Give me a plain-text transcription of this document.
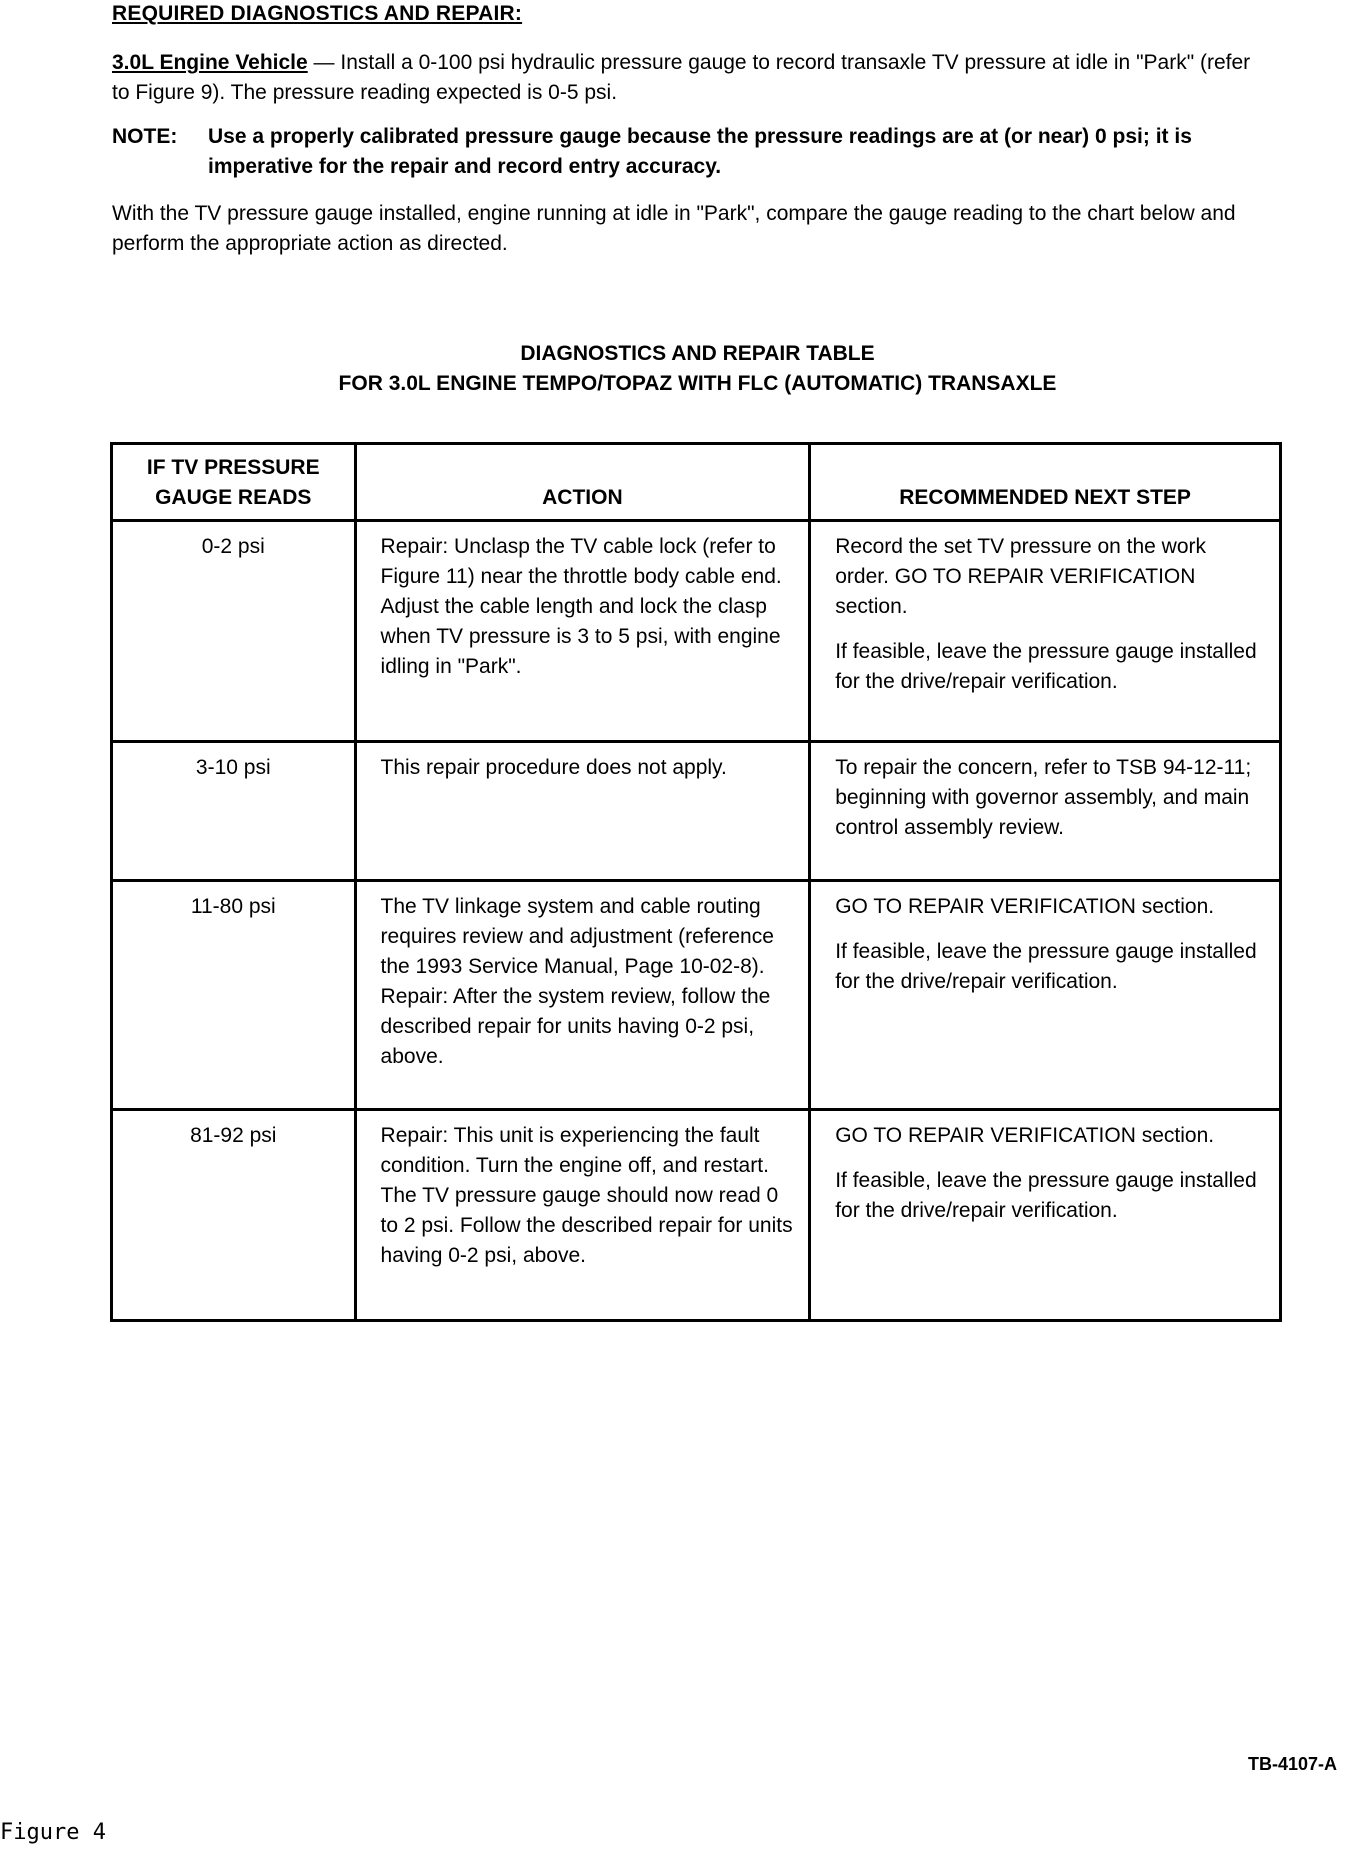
REQUIRED DIAGNOSTICS AND REPAIR:
3.0L Engine Vehicle — Install a 0-100 psi hydraulic pressure gauge to record transaxle TV pressure at idle in "Park" (refer to Figure 9). The pressure reading expected is 0-5 psi.
NOTE:	Use a properly calibrated pressure gauge because the pressure readings are at (or near) 0 psi; it is imperative for the repair and record entry accuracy.
With the TV pressure gauge installed, engine running at idle in "Park", compare the gauge reading to the chart below and perform the appropriate action as directed.
DIAGNOSTICS AND REPAIR TABLE
FOR 3.0L ENGINE TEMPO/TOPAZ WITH FLC (AUTOMATIC) TRANSAXLE
IF TV PRESSURE GAUGE READS	ACTION	RECOMMENDED NEXT STEP
0-2 psi	Repair: Unclasp the TV cable lock (refer to Figure 11) near the throttle body cable end. Adjust the cable length and lock the clasp when TV pressure is 3 to 5 psi, with engine idling in "Park".	Record the set TV pressure on the work order. GO TO REPAIR VERIFICATION section.

If feasible, leave the pressure gauge installed for the drive/repair verification.

3-10 psi	This repair procedure does not apply.	To repair the concern, refer to TSB 94-12-11; beginning with governor assembly, and main control assembly review.

11-80 psi	The TV linkage system and cable routing requires review and adjustment (reference the 1993 Service Manual, Page 10-02-8). Repair: After the system review, follow the described repair for units having 0-2 psi, above.	GO TO REPAIR VERIFICATION section.

If feasible, leave the pressure gauge installed for the drive/repair verification.

81-92 psi	Repair: This unit is experiencing the fault condition. Turn the engine off, and restart. The TV pressure gauge should now read 0 to 2 psi. Follow the described repair for units having 0-2 psi, above.	GO TO REPAIR VERIFICATION section.

If feasible, leave the pressure gauge installed for the drive/repair verification.

TB-4107-A
Figure 4
